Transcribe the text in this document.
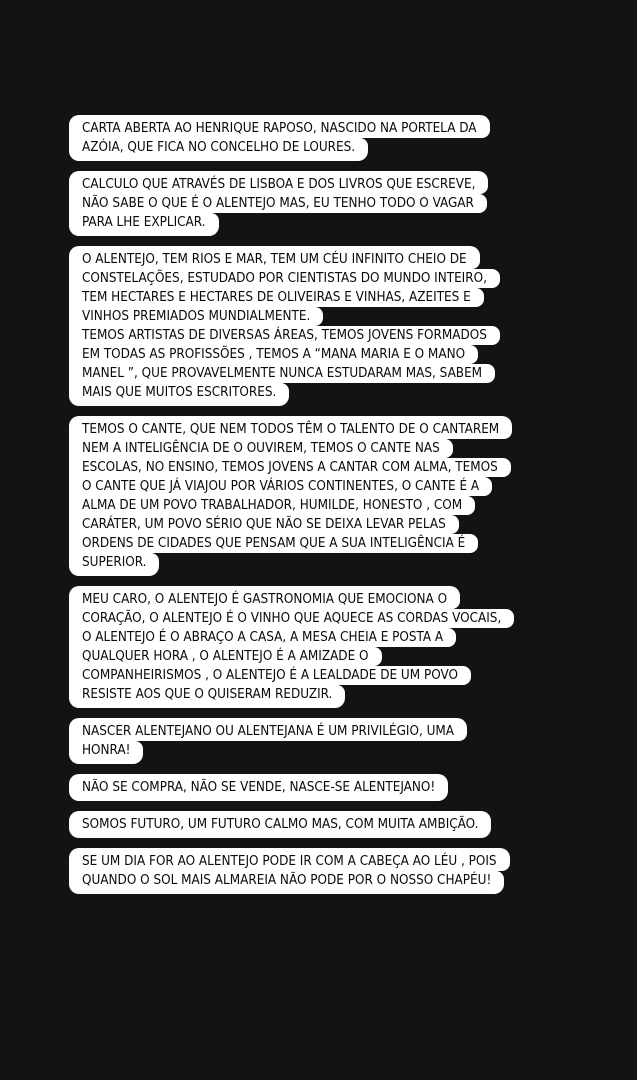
CARTA ABERTA AO HENRIQUE RAPOSO, NASCIDO NA PORTELA DA
AZÓIA, QUE FICA NO CONCELHO DE LOURES.
CALCULO QUE ATRAVÉS DE LISBOA E DOS LIVROS QUE ESCREVE,
NÃO SABE O QUE É O ALENTEJO MAS, EU TENHO TODO O VAGAR
PARA LHE EXPLICAR.
O ALENTEJO, TEM RIOS E MAR, TEM UM CÉU INFINITO CHEIO DE
CONSTELAÇÕES, ESTUDADO POR CIENTISTAS DO MUNDO INTEIRO,
TEM HECTARES E HECTARES DE OLIVEIRAS E VINHAS, AZEITES E
VINHOS PREMIADOS MUNDIALMENTE.
TEMOS ARTISTAS DE DIVERSAS ÁREAS, TEMOS JOVENS FORMADOS
EM TODAS AS PROFISSÕES , TEMOS A “MANA MARIA E O MANO
MANEL ”, QUE PROVAVELMENTE NUNCA ESTUDARAM MAS, SABEM
MAIS QUE MUITOS ESCRITORES.
TEMOS O CANTE, QUE NEM TODOS TÊM O TALENTO DE O CANTAREM
NEM A INTELIGÊNCIA DE O OUVIREM, TEMOS O CANTE NAS
ESCOLAS, NO ENSINO, TEMOS JOVENS A CANTAR COM ALMA, TEMOS
O CANTE QUE JÁ VIAJOU POR VÁRIOS CONTINENTES, O CANTE É A
ALMA DE UM POVO TRABALHADOR, HUMILDE, HONESTO , COM
CARÁTER, UM POVO SÉRIO QUE NÃO SE DEIXA LEVAR PELAS
ORDENS DE CIDADES QUE PENSAM QUE A SUA INTELIGÊNCIA É
SUPERIOR.
MEU CARO, O ALENTEJO É GASTRONOMIA QUE EMOCIONA O
CORAÇÃO, O ALENTEJO É O VINHO QUE AQUECE AS CORDAS VOCAIS,
O ALENTEJO É O ABRAÇO A CASA, A MESA CHEIA E POSTA A
QUALQUER HORA , O ALENTEJO É A AMIZADE O
COMPANHEIRISMOS , O ALENTEJO É A LEALDADE DE UM POVO
RESISTE AOS QUE O QUISERAM REDUZIR.
NASCER ALENTEJANO OU ALENTEJANA É UM PRIVILÉGIO, UMA
HONRA!
NÃO SE COMPRA, NÃO SE VENDE, NASCE-SE ALENTEJANO!
SOMOS FUTURO, UM FUTURO CALMO MAS, COM MUITA AMBIÇÃO.
SE UM DIA FOR AO ALENTEJO PODE IR COM A CABEÇA AO LÉU , POIS
QUANDO O SOL MAIS ALMAREIA NÃO PODE POR O NOSSO CHAPÉU!
